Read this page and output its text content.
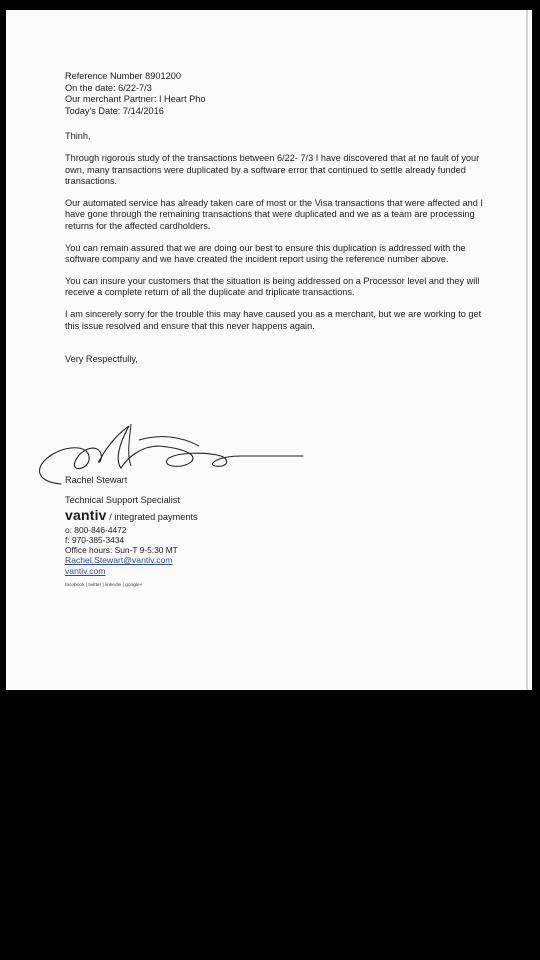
Reference Number 8901200
On the date: 6/22-7/3
Our merchant Partner: I Heart Pho
Today's Date: 7/14/2016

Thinh,

Through rigorous study of the transactions between 6/22- 7/3 I have discovered that at no fault of your own, many transactions were duplicated by a software error that continued to settle already funded transactions.

Our automated service has already taken care of most or the Visa transactions that were affected and I have gone through the remaining transactions that were duplicated and we as a team are processing returns for the affected cardholders.

You can remain assured that we are doing our best to ensure this duplication is addressed with the software company and we have created the incident report using the reference number above.

You can insure your customers that the situation is being addressed on a Processor level and they will receive a complete return of all the duplicate and triplicate transactions.

I am sincerely sorry for the trouble this may have caused you as a merchant, but we are working to get this issue resolved and ensure that this never happens again.

Very Respectfully,

Rachel Stewart
Technical Support Specialist
vantiv / integrated payments
o: 800-846-4472
f: 970-385-3434
Office hours: Sun-T 9-5:30 MT
Rachel.Stewart@vantiv.com
vantiv.com
facebook | twitter | linkedin | google+
